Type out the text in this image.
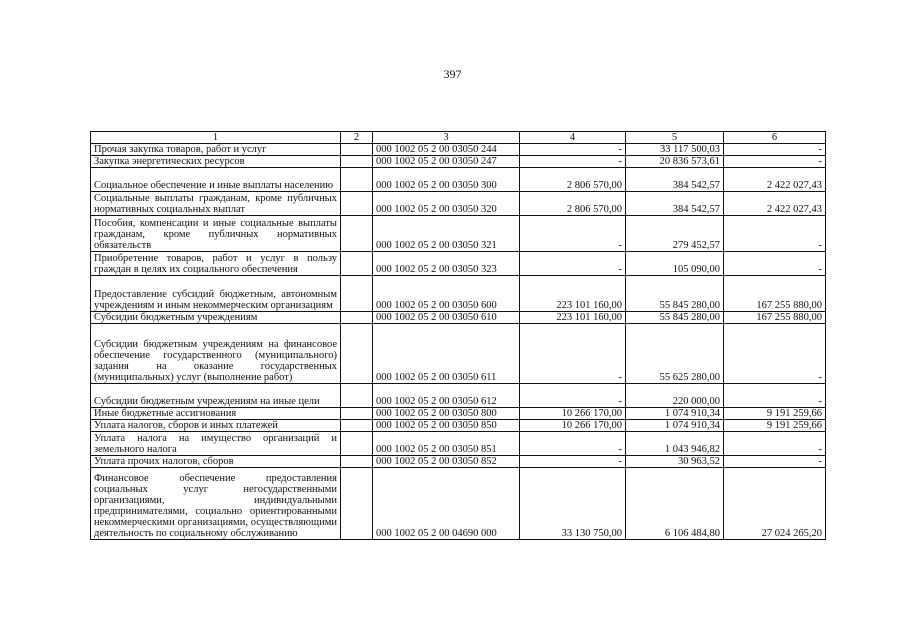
397
1	2	3	4	5	6
Прочая закупка товаров, работ и услуг		000 1002 05 2 00 03050 244	-	33 117 500,03	-
Закупка энергетических ресурсов		000 1002 05 2 00 03050 247	-	20 836 573,61	-
Социальное обеспечение и иные выплаты населению		000 1002 05 2 00 03050 300	2 806 570,00	384 542,57	2 422 027,43
Социальные выплаты гражданам, кроме публичных нормативных социальных выплат		000 1002 05 2 00 03050 320	2 806 570,00	384 542,57	2 422 027,43
Пособия, компенсации и иные социальные выплаты гражданам, кроме публичных нормативных обязательств		000 1002 05 2 00 03050 321	-	279 452,57	-
Приобретение товаров, работ и услуг в пользу граждан в целях их социального обеспечения		000 1002 05 2 00 03050 323	-	105 090,00	-
Предоставление субсидий бюджетным, автономным учреждениям и иным некоммерческим организациям		000 1002 05 2 00 03050 600	223 101 160,00	55 845 280,00	167 255 880,00
Субсидии бюджетным учреждениям		000 1002 05 2 00 03050 610	223 101 160,00	55 845 280,00	167 255 880,00
Субсидии бюджетным учреждениям на финансовое обеспечение государственного (муниципального) задания на оказание государственных (муниципальных) услуг (выполнение работ)		000 1002 05 2 00 03050 611	-	55 625 280,00	-
Субсидии бюджетным учреждениям на иные цели		000 1002 05 2 00 03050 612	-	220 000,00	-
Иные бюджетные ассигнования		000 1002 05 2 00 03050 800	10 266 170,00	1 074 910,34	9 191 259,66
Уплата налогов, сборов и иных платежей		000 1002 05 2 00 03050 850	10 266 170,00	1 074 910,34	9 191 259,66
Уплата налога на имущество организаций и земельного налога		000 1002 05 2 00 03050 851	-	1 043 946,82	-
Уплата прочих налогов, сборов		000 1002 05 2 00 03050 852	-	30 963,52	-
Финансовое обеспечение предоставления социальных услуг негосударственными организациями, индивидуальными предпринимателями, социально ориентированными некоммерческими организациями, осуществляющими деятельность по социальному обслуживанию		000 1002 05 2 00 04690 000	33 130 750,00	6 106 484,80	27 024 265,20
